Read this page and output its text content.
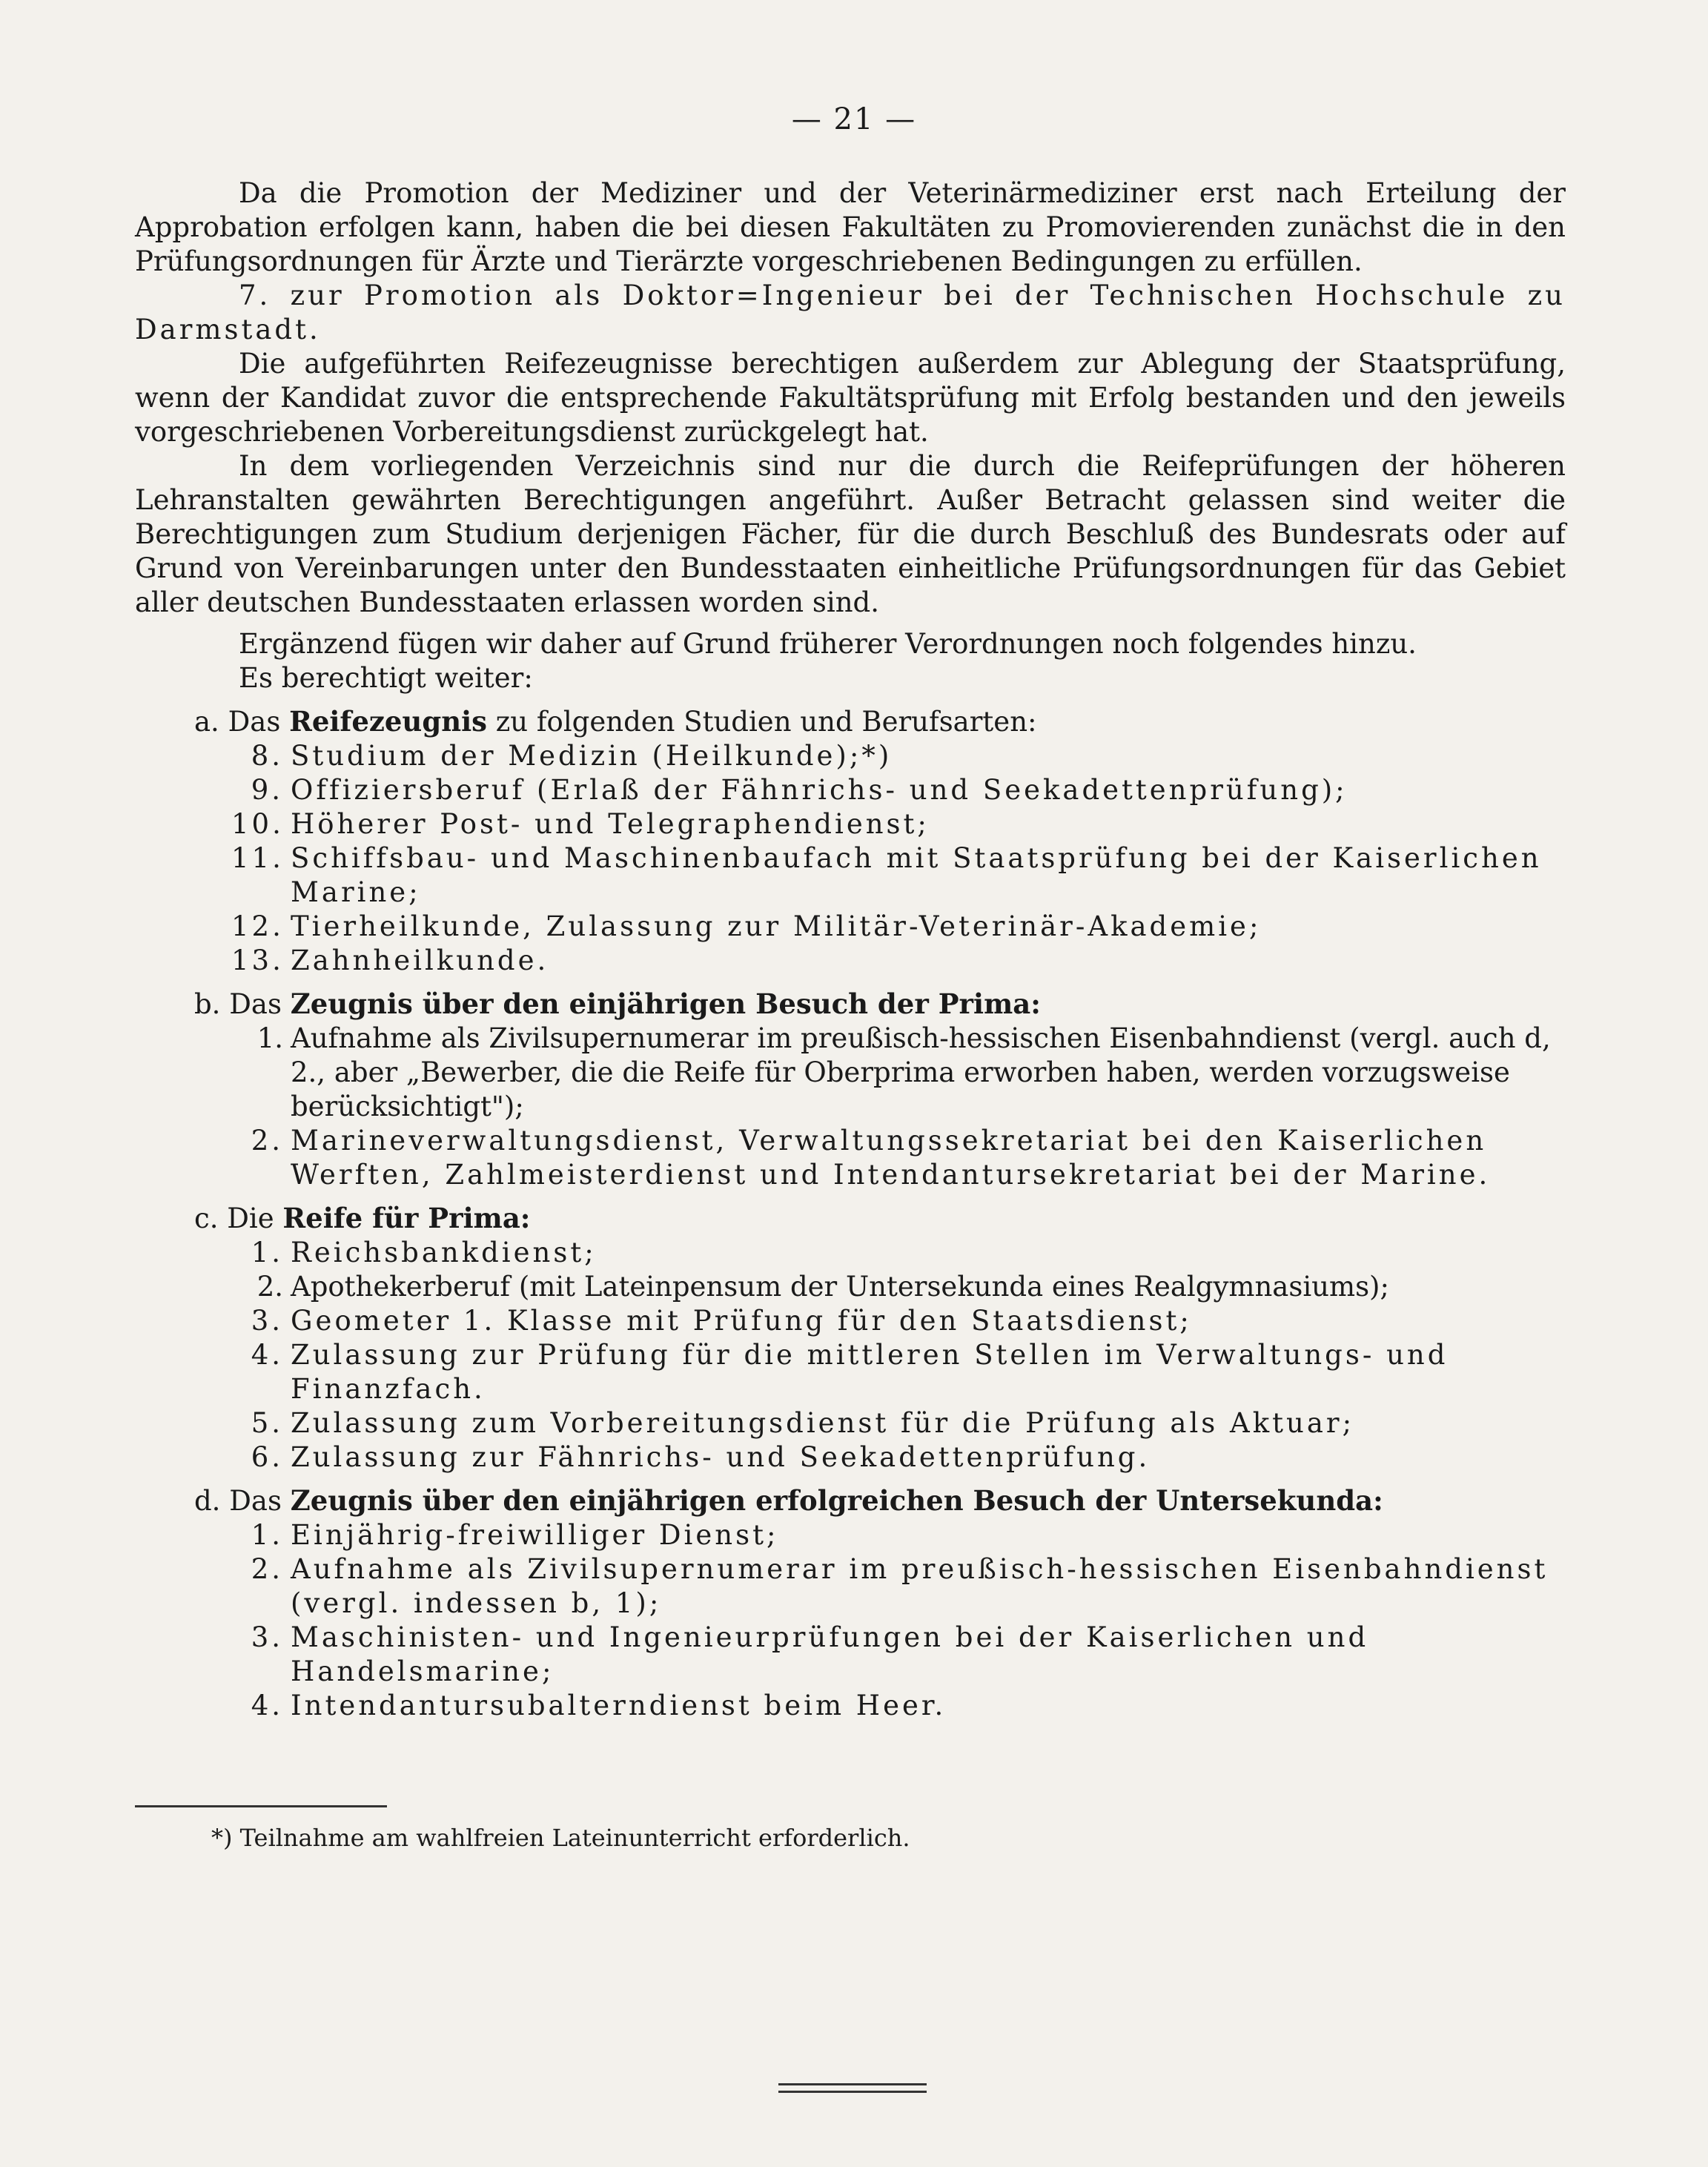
— 21 —

Da die Promotion der Mediziner und der Veterinärmediziner erst nach Erteilung der Approbation erfolgen kann, haben die bei diesen Fakultäten zu Promovierenden zunächst die in den Prüfungsordnungen für Ärzte und Tierärzte vorgeschriebenen Bedingungen zu erfüllen.

7. zur Promotion als Doktor=Ingenieur bei der Technischen Hochschule zu Darmstadt.

Die aufgeführten Reifezeugnisse berechtigen außerdem zur Ablegung der Staatsprüfung, wenn der Kandidat zuvor die entsprechende Fakultätsprüfung mit Erfolg bestanden und den jeweils vorgeschriebenen Vorbereitungsdienst zurückgelegt hat.

In dem vorliegenden Verzeichnis sind nur die durch die Reifeprüfungen der höheren Lehranstalten gewährten Berechtigungen angeführt. Außer Betracht gelassen sind weiter die Berechtigungen zum Studium derjenigen Fächer, für die durch Beschluß des Bundesrats oder auf Grund von Vereinbarungen unter den Bundesstaaten einheitliche Prüfungsordnungen für das Gebiet aller deutschen Bundesstaaten erlassen worden sind.

Ergänzend fügen wir daher auf Grund früherer Verordnungen noch folgendes hinzu.

Es berechtigt weiter:

a. Das Reifezeugnis zu folgenden Studien und Berufsarten:

8. Studium der Medizin (Heilkunde);*)
9. Offiziersberuf (Erlaß der Fähnrichs- und Seekadettenprüfung);
10. Höherer Post- und Telegraphendienst;
11. Schiffsbau- und Maschinenbaufach mit Staatsprüfung bei der Kaiserlichen Marine;
12. Tierheilkunde, Zulassung zur Militär-Veterinär-Akademie;
13. Zahnheilkunde.

b. Das Zeugnis über den einjährigen Besuch der Prima:

1. Aufnahme als Zivilsupernumerar im preußisch-hessischen Eisenbahndienst (vergl. auch d, 2., aber „Bewerber, die die Reife für Oberprima erworben haben, werden vorzugsweise berücksichtigt");
2. Marineverwaltungsdienst, Verwaltungssekretariat bei den Kaiserlichen Werften, Zahlmeisterdienst und Intendantursekretariat bei der Marine.

c. Die Reife für Prima:

1. Reichsbankdienst;
2. Apothekerberuf (mit Lateinpensum der Untersekunda eines Realgymnasiums);
3. Geometer 1. Klasse mit Prüfung für den Staatsdienst;
4. Zulassung zur Prüfung für die mittleren Stellen im Verwaltungs- und Finanzfach.
5. Zulassung zum Vorbereitungsdienst für die Prüfung als Aktuar;
6. Zulassung zur Fähnrichs- und Seekadettenprüfung.

d. Das Zeugnis über den einjährigen erfolgreichen Besuch der Untersekunda:

1. Einjährig-freiwilliger Dienst;
2. Aufnahme als Zivilsupernumerar im preußisch-hessischen Eisenbahndienst (vergl. indessen b, 1);
3. Maschinisten- und Ingenieurprüfungen bei der Kaiserlichen und Handelsmarine;
4. Intendantursubalterndienst beim Heer.
*) Teilnahme am wahlfreien Lateinunterricht erforderlich.
